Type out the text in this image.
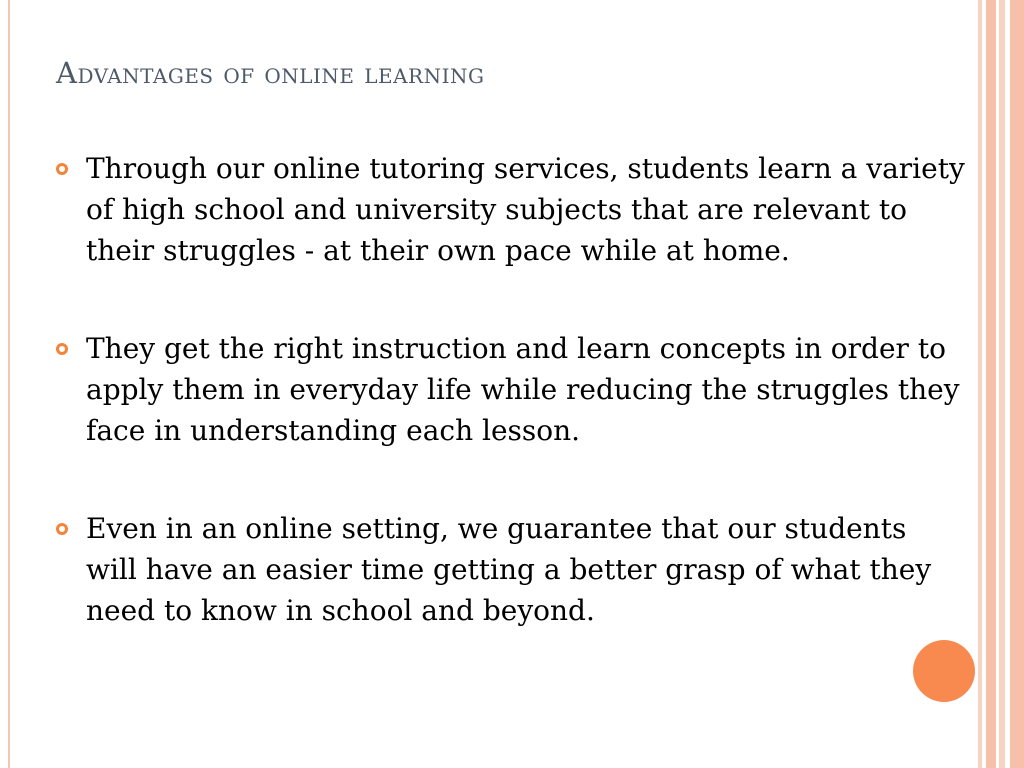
Advantages of online learning
Through our online tutoring services, students learn a variety of high school and university subjects that are relevant to their struggles - at their own pace while at home.
They get the right instruction and learn concepts in order to apply them in everyday life while reducing the struggles they face in understanding each lesson.
Even in an online setting, we guarantee that our students will have an easier time getting a better grasp of what they need to know in school and beyond.
